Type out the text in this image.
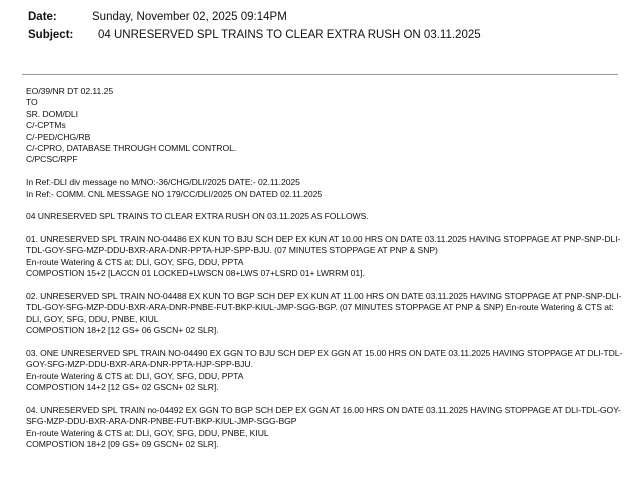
Date:	Sunday, November 02, 2025 09:14PM
Subject: 04 UNRESERVED SPL TRAINS TO CLEAR EXTRA RUSH ON 03.11.2025
EO/39/NR DT 02.11.25
TO
SR. DOM/DLI
C/-CPTMs
C/-PED/CHG/RB
C/-CPRO, DATABASE THROUGH COMML CONTROL.
C/PCSC/RPF
In Ref:-DLI div message no M/NO:-36/CHG/DLI/2025 DATE:- 02.11.2025
In Ref:- COMM. CNL MESSAGE NO 179/CC/DLI/2025 ON DATED 02.11.2025
04 UNRESERVED SPL TRAINS TO CLEAR EXTRA RUSH ON 03.11.2025 AS FOLLOWS.
01. UNRESERVED SPL TRAIN NO-04486 EX KUN TO BJU SCH DEP EX KUN AT 10.00 HRS ON DATE 03.11.2025 HAVING STOPPAGE AT PNP-SNP-DLI-
TDL-GOY-SFG-MZP-DDU-BXR-ARA-DNR-PPTA-HJP-SPP-BJU. (07 MINUTES STOPPAGE AT PNP & SNP)
En-route Watering & CTS at: DLI, GOY, SFG, DDU, PPTA
COMPOSTION 15+2 [LACCN 01 LOCKED+LWSCN 08+LWS 07+LSRD 01+ LWRRM 01].
02. UNRESERVED SPL TRAIN NO-04488 EX KUN TO BGP SCH DEP EX KUN AT 11.00 HRS ON DATE 03.11.2025 HAVING STOPPAGE AT PNP-SNP-DLI-
TDL-GOY-SFG-MZP-DDU-BXR-ARA-DNR-PNBE-FUT-BKP-KIUL-JMP-SGG-BGP. (07 MINUTES STOPPAGE AT PNP & SNP) En-route Watering & CTS at:
DLI, GOY, SFG, DDU, PNBE, KIUL
COMPOSTION 18+2 [12 GS+ 06 GSCN+ 02 SLR].
03. ONE UNRESERVED SPL TRAIN NO-04490 EX GGN TO BJU SCH DEP EX GGN AT 15.00 HRS ON DATE 03.11.2025 HAVING STOPPAGE AT DLI-TDL-
GOY-SFG-MZP-DDU-BXR-ARA-DNR-PPTA-HJP-SPP-BJU.
En-route Watering & CTS at: DLI, GOY, SFG, DDU, PPTA
COMPOSTION 14+2 [12 GS+ 02 GSCN+ 02 SLR].
04. UNRESERVED SPL TRAIN no-04492 EX GGN TO BGP SCH DEP EX GGN AT 16.00 HRS ON DATE 03.11.2025 HAVING STOPPAGE AT DLI-TDL-GOY-
SFG-MZP-DDU-BXR-ARA-DNR-PNBE-FUT-BKP-KIUL-JMP-SGG-BGP
En-route Watering & CTS at: DLI, GOY, SFG, DDU, PNBE, KIUL
COMPOSTION 18+2 [09 GS+ 09 GSCN+ 02 SLR].
